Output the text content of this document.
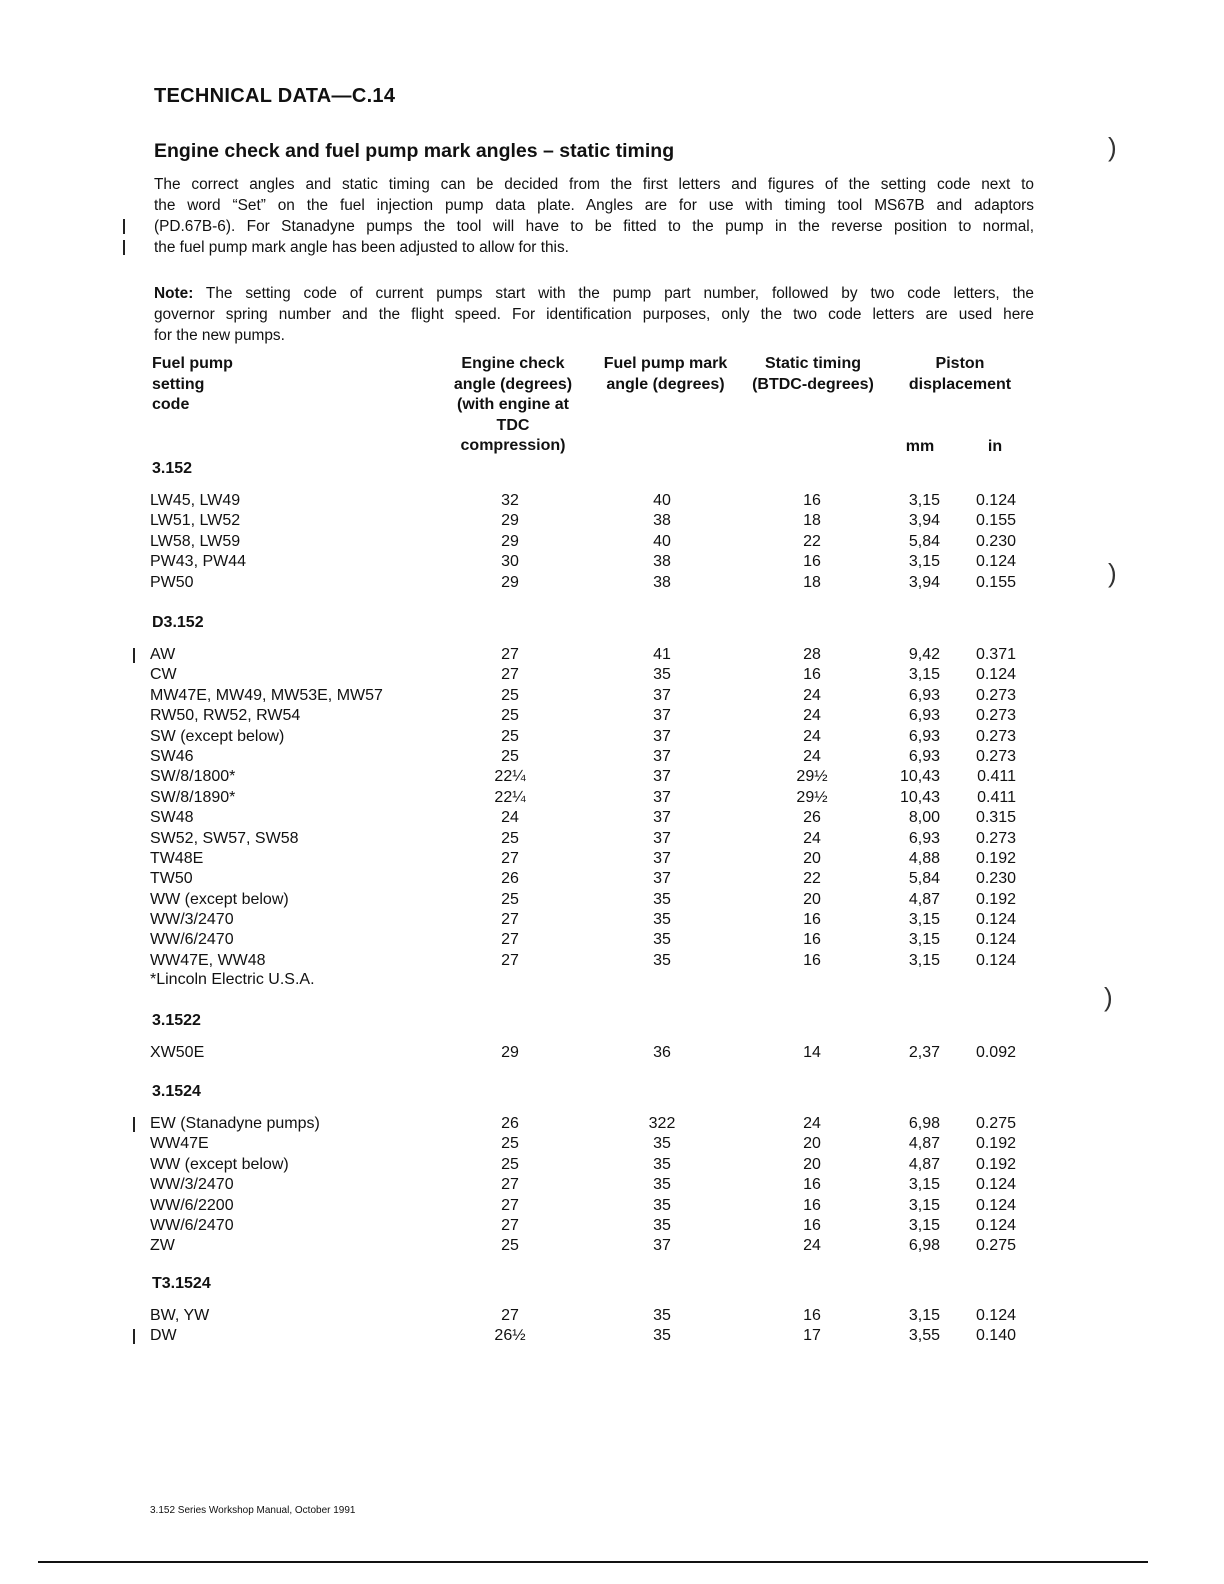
TECHNICAL DATA—C.14
Engine check and fuel pump mark angles – static timing
The correct angles and static timing can be decided from the first letters and figures of the setting code next to
the word “Set” on the fuel injection pump data plate. Angles are for use with timing tool MS67B and adaptors
(PD.67B-6). For Stanadyne pumps the tool will have to be fitted to the pump in the reverse position to normal,
the fuel pump mark angle has been adjusted to allow for this.
Note: The setting code of current pumps start with the pump part number, followed by two code letters, the
governor spring number and the flight speed. For identification purposes, only the two code letters are used here
for the new pumps.
Fuel pump
setting
code
Engine check
angle (degrees)
(with engine at
TDC
compression)
Fuel pump mark
angle (degrees)
Static timing
(BTDC-degrees)
Piston
displacement
mm	in
3.152
LW45, LW49	32	40	16	3,15	0.124
LW51, LW52	29	38	18	3,94	0.155
LW58, LW59	29	40	22	5,84	0.230
PW43, PW44	30	38	16	3,15	0.124
PW50	29	38	18	3,94	0.155
D3.152
AW	27	41	28	9,42	0.371
CW	27	35	16	3,15	0.124
MW47E, MW49, MW53E, MW57	25	37	24	6,93	0.273
RW50, RW52, RW54	25	37	24	6,93	0.273
SW (except below)	25	37	24	6,93	0.273
SW46	25	37	24	6,93	0.273
SW/8/1800*	22¼	37	29½	10,43	0.411
SW/8/1890*	22¼	37	29½	10,43	0.411
SW48	24	37	26	8,00	0.315
SW52, SW57, SW58	25	37	24	6,93	0.273
TW48E	27	37	20	4,88	0.192
TW50	26	37	22	5,84	0.230
WW (except below)	25	35	20	4,87	0.192
WW/3/2470	27	35	16	3,15	0.124
WW/6/2470	27	35	16	3,15	0.124
WW47E, WW48	27	35	16	3,15	0.124
*Lincoln Electric U.S.A.
3.1522
XW50E	29	36	14	2,37	0.092
3.1524
EW (Stanadyne pumps)	26	322	24	6,98	0.275
WW47E	25	35	20	4,87	0.192
WW (except below)	25	35	20	4,87	0.192
WW/3/2470	27	35	16	3,15	0.124
WW/6/2200	27	35	16	3,15	0.124
WW/6/2470	27	35	16	3,15	0.124
ZW	25	37	24	6,98	0.275
T3.1524
BW, YW	27	35	16	3,15	0.124
DW	26½	35	17	3,55	0.140
3.152 Series Workshop Manual, October 1991
)
)
)
